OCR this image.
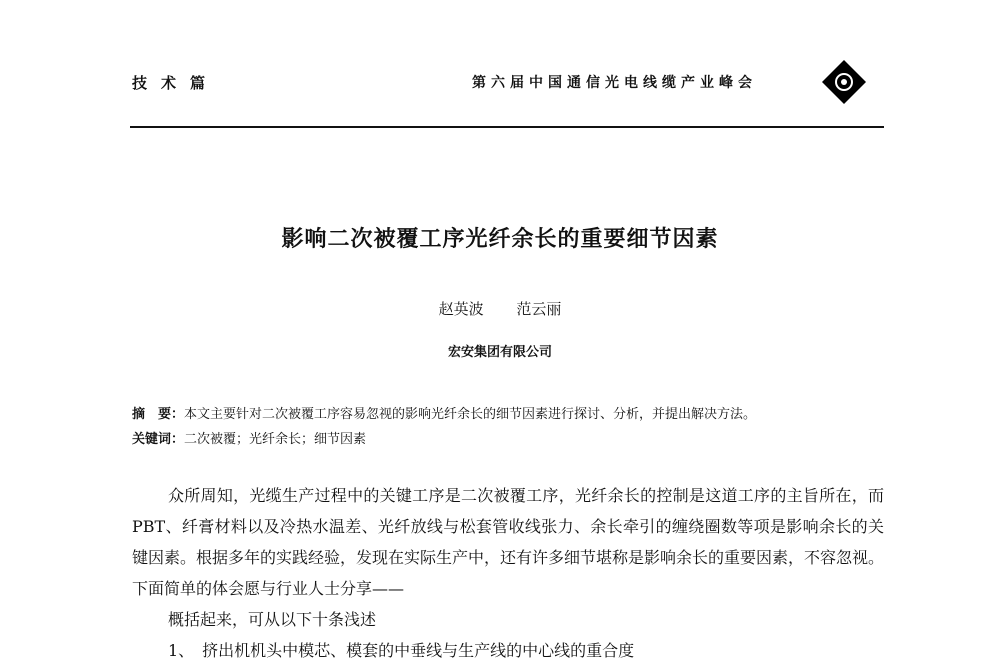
技术篇	第六届中国通信光电线缆产业峰会
影响二次被覆工序光纤余长的重要细节因素
赵英波 范云丽
宏安集团有限公司
摘　要：本文主要针对二次被覆工序容易忽视的影响光纤余长的细节因素进行探讨、分析，并提出解决方法。
关键词：二次被覆；光纤余长；细节因素

众所周知，光缆生产过程中的关键工序是二次被覆工序，光纤余长的控制是这道工序的主旨所在，而PBT、纤膏材料以及冷热水温差、光纤放线与松套管收线张力、余长牵引的缠绕圈数等项是影响余长的关键因素。根据多年的实践经验，发现在实际生产中，还有许多细节堪称是影响余长的重要因素，不容忽视。下面简单的体会愿与行业人士分享——

概括起来，可从以下十条浅述

1、　挤出机机头中模芯、模套的中垂线与生产线的中心线的重合度
